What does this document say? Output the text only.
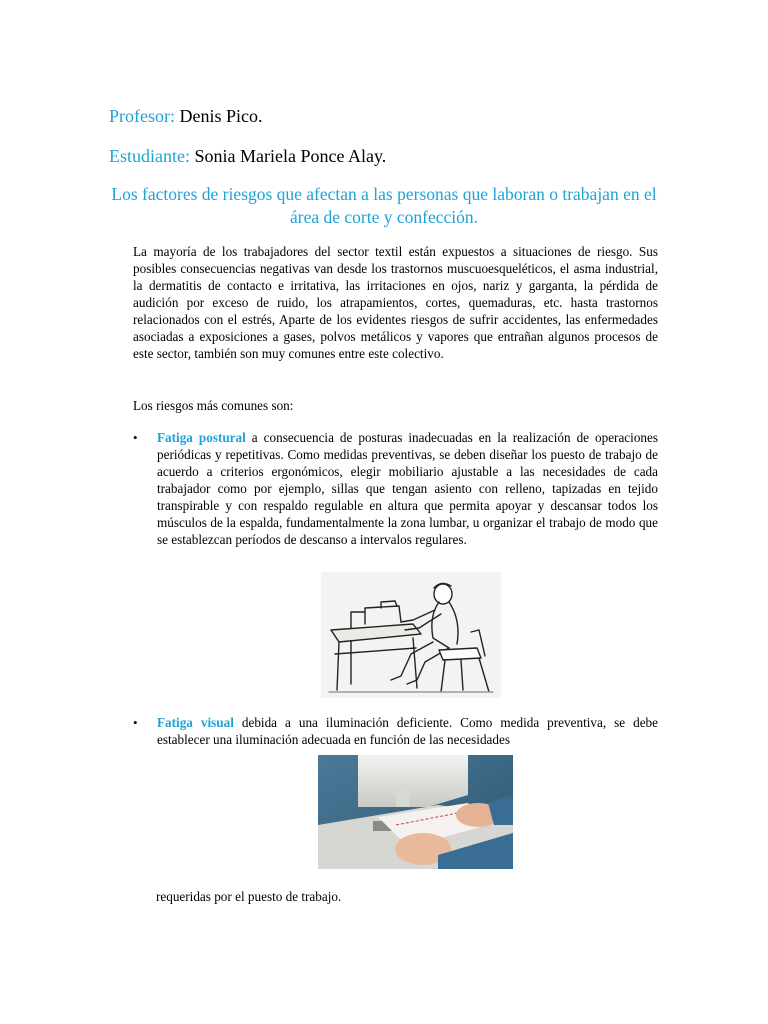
Profesor: Denis Pico.
Estudiante: Sonia Mariela Ponce Alay.
Los factores de riesgos que afectan a las personas que laboran o trabajan en el área de corte y confección.
La mayoría de los trabajadores del sector textil están expuestos a situaciones de riesgo. Sus posibles consecuencias negativas van desde los trastornos muscuoesqueléticos, el asma industrial, la dermatitis de contacto e irritativa, las irritaciones en ojos, nariz y garganta, la pérdida de audición por exceso de ruido, los atrapamientos, cortes, quemaduras, etc. hasta trastornos relacionados con el estrés, Aparte de los evidentes riesgos de sufrir accidentes, las enfermedades asociadas a exposiciones a gases, polvos metálicos y vapores que entrañan algunos procesos de este sector, también son muy comunes entre este colectivo.
Los riesgos más comunes son:
• Fatiga postural a consecuencia de posturas inadecuadas en la realización de operaciones periódicas y repetitivas. Como medidas preventivas, se deben diseñar los puesto de trabajo de acuerdo a criterios ergonómicos, elegir mobiliario ajustable a las necesidades de cada trabajador como por ejemplo, sillas que tengan asiento con relleno, tapizadas en tejido transpirable y con respaldo regulable en altura que permita apoyar y descansar todos los músculos de la espalda, fundamentalmente la zona lumbar, u organizar el trabajo de modo que se establezcan períodos de descanso a intervalos regulares.
• Fatiga visual debida a una iluminación deficiente. Como medida preventiva, se debe establecer una iluminación adecuada en función de las necesidades
requeridas por el puesto de trabajo.
